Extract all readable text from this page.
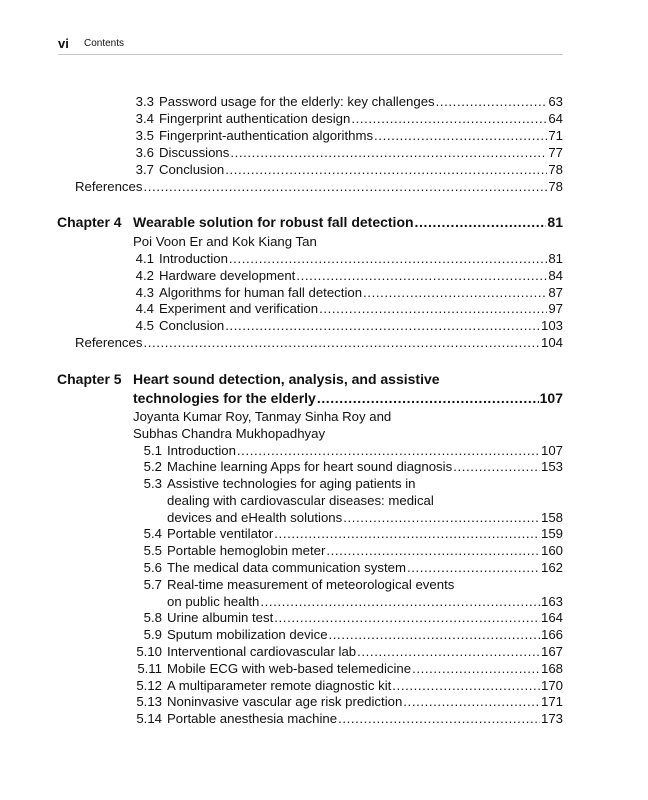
vi Contents
3.3 Password usage for the elderly: key challenges .....	63
3.4 Fingerprint authentication design .....	64
3.5 Fingerprint-authentication algorithms .....	71
3.6 Discussions .....	77
3.7 Conclusion .....	78
References .....	78
Chapter 4 Wearable solution for robust fall detection .....	81
Poi Voon Er and Kok Kiang Tan
4.1 Introduction .....	81
4.2 Hardware development .....	84
4.3 Algorithms for human fall detection .....	87
4.4 Experiment and verification .....	97
4.5 Conclusion .....	103
References .....	104
Chapter 5 Heart sound detection, analysis, and assistive
technologies for the elderly .....	107
Joyanta Kumar Roy, Tanmay Sinha Roy and
Subhas Chandra Mukhopadhyay
5.1 Introduction .....	107
5.2 Machine learning Apps for heart sound diagnosis .....	153
5.3 Assistive technologies for aging patients in
dealing with cardiovascular diseases: medical
devices and eHealth solutions .....	158
5.4 Portable ventilator .....	159
5.5 Portable hemoglobin meter .....	160
5.6 The medical data communication system .....	162
5.7 Real-time measurement of meteorological events
on public health .....	163
5.8 Urine albumin test .....	164
5.9 Sputum mobilization device .....	166
5.10 Interventional cardiovascular lab .....	167
5.11 Mobile ECG with web-based telemedicine .....	168
5.12 A multiparameter remote diagnostic kit .....	170
5.13 Noninvasive vascular age risk prediction .....	171
5.14 Portable anesthesia machine .....	173
